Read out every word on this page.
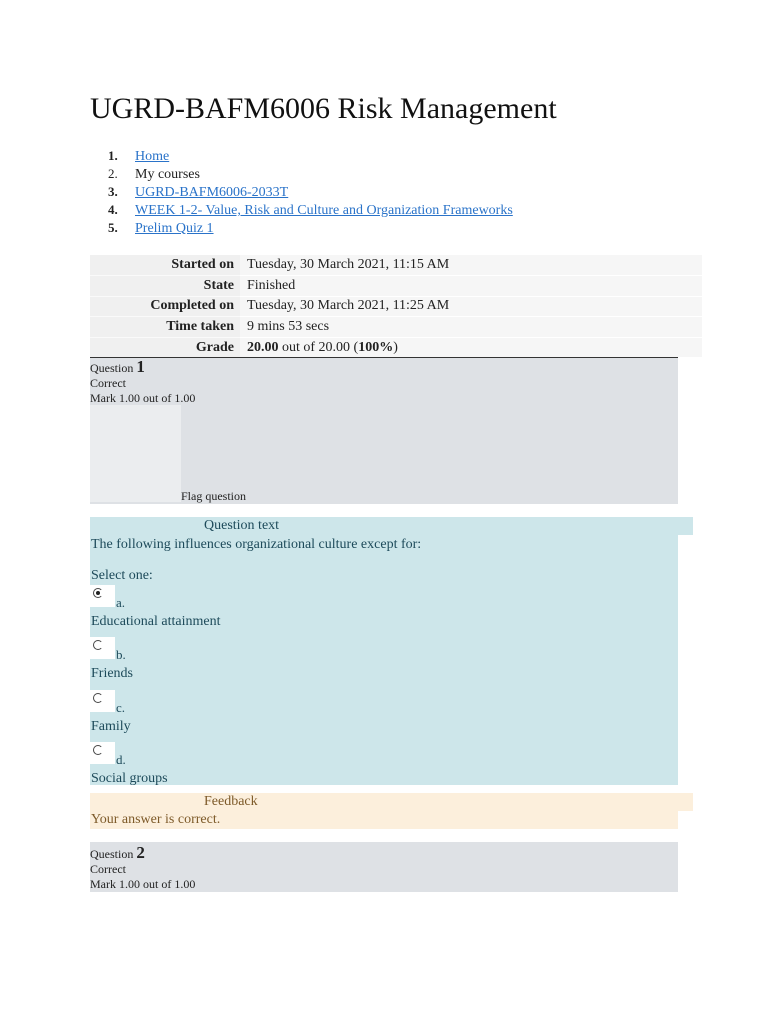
UGRD-BAFM6006 Risk Management
1. Home
2. My courses
3. UGRD-BAFM6006-2033T
4. WEEK 1-2- Value, Risk and Culture and Organization Frameworks
5. Prelim Quiz 1
Started on	Tuesday, 30 March 2021, 11:15 AM
State	Finished
Completed on	Tuesday, 30 March 2021, 11:25 AM
Time taken	9 mins 53 secs
Grade	20.00 out of 20.00 (100%)
Question 1
Correct
Mark 1.00 out of 1.00
Flag question
Question text
The following influences organizational culture except for:
Select one:
a.
Educational attainment
b.
Friends
c.
Family
d.
Social groups
Feedback
Your answer is correct.
Question 2
Correct
Mark 1.00 out of 1.00
